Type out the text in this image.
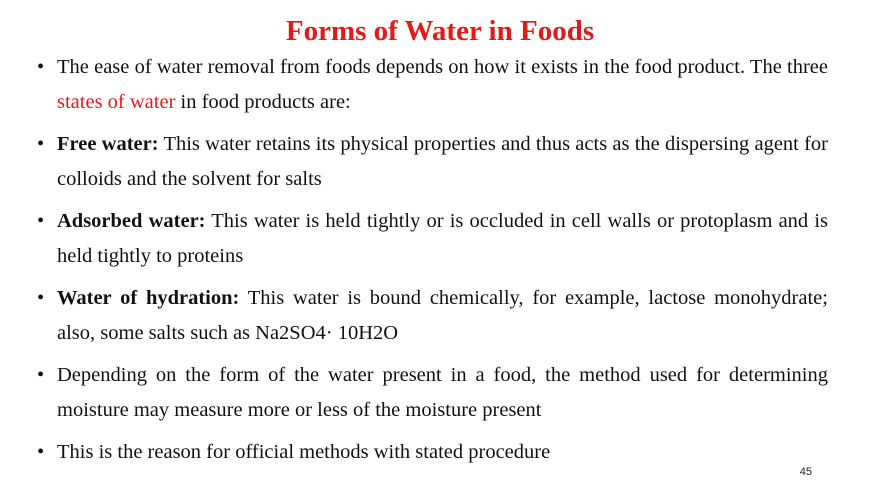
Forms of Water in Foods
• The ease of water removal from foods depends on how it exists in the food product. The three states of water in food products are:
• Free water: This water retains its physical properties and thus acts as the dispersing agent for colloids and the solvent for salts
• Adsorbed water: This water is held tightly or is occluded in cell walls or protoplasm and is held tightly to proteins
• Water of hydration: This water is bound chemically, for example, lactose monohydrate; also, some salts such as Na2SO4· 10H2O
• Depending on the form of the water present in a food, the method used for determining moisture may measure more or less of the moisture present
• This is the reason for official methods with stated procedure
45
